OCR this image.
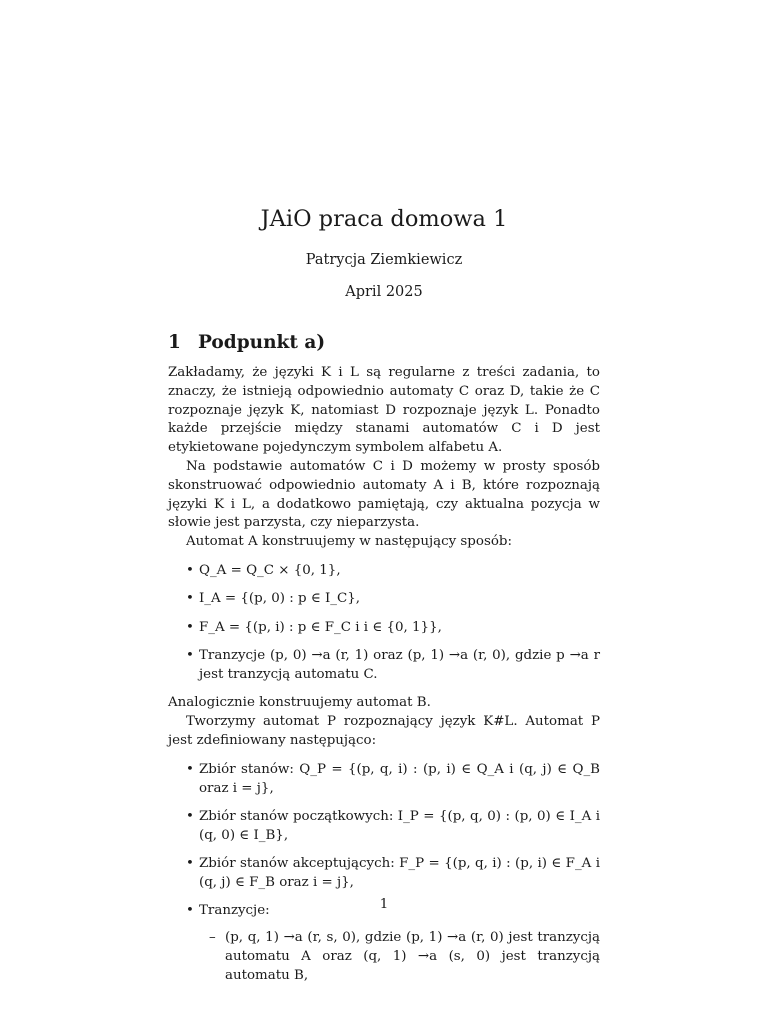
JAiO praca domowa 1
Patrycja Ziemkiewicz
April 2025
1 Podpunkt a)

Zakładamy, że języki K i L są regularne z treści zadania, to znaczy, że istnieją odpowiednio automaty C oraz D, takie że C rozpoznaje język K, natomiast D rozpoznaje język L. Ponadto każde przejście między stanami automatów C i D jest etykietowane pojedynczym symbolem alfabetu A.

Na podstawie automatów C i D możemy w prosty sposób skonstruować odpowiednio automaty A i B, które rozpoznają języki K i L, a dodatkowo pamiętają, czy aktualna pozycja w słowie jest parzysta, czy nieparzysta.

Automat A konstruujemy w następujący sposób:

• Q_A = Q_C × {0, 1},
• I_A = {(p, 0) : p ∈ I_C},
• F_A = {(p, i) : p ∈ F_C i i ∈ {0, 1}},
• Tranzycje (p, 0) →a (r, 1) oraz (p, 1) →a (r, 0), gdzie p →a r jest tranzycją automatu C.

Analogicznie konstruujemy automat B.

Tworzymy automat P rozpoznający język K#L. Automat P jest zdefiniowany następująco:

• Zbiór stanów: Q_P = {(p, q, i) : (p, i) ∈ Q_A i (q, j) ∈ Q_B oraz i = j},
• Zbiór stanów początkowych: I_P = {(p, q, 0) : (p, 0) ∈ I_A i (q, 0) ∈ I_B},
• Zbiór stanów akceptujących: F_P = {(p, q, i) : (p, i) ∈ F_A i (q, j) ∈ F_B oraz i = j},
• Tranzycje:
– (p, q, 1) →a (r, s, 0), gdzie (p, 1) →a (r, 0) jest tranzycją automatu A oraz (q, 1) →a (s, 0) jest tranzycją automatu B,
1
